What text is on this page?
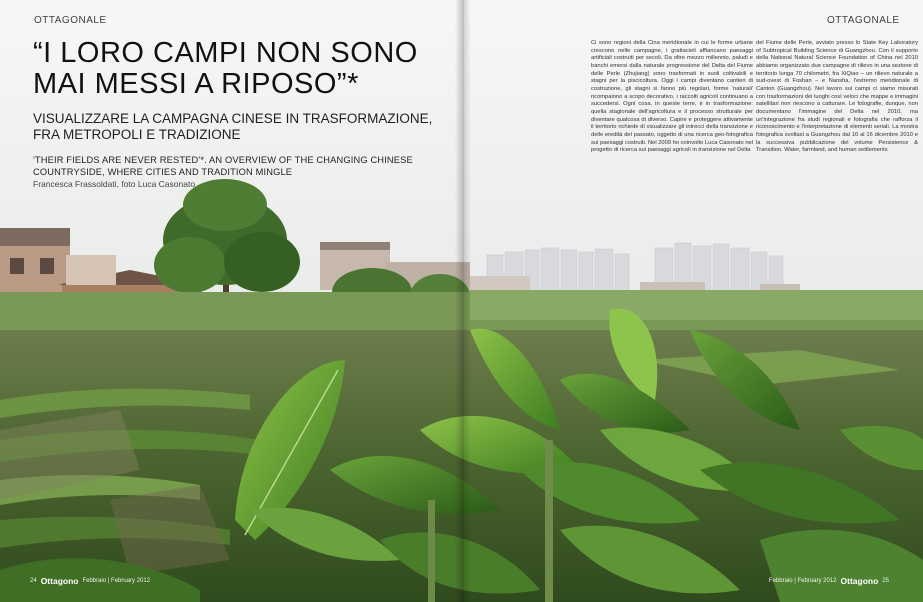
OTTAGONALE
“I LORO CAMPI NON SONO MAI MESSI A RIPOSO”*
VISUALIZZARE LA CAMPAGNA CINESE IN TRASFORMAZIONE, FRA METROPOLI E TRADIZIONE
'THEIR FIELDS ARE NEVER RESTED'*. AN OVERVIEW OF THE CHANGING CHINESE COUNTRYSIDE, WHERE CITIES AND TRADITION MINGLE
Francesca Frassoldati, foto Luca Casonato
OTTAGONALE
Ci sono regioni della Cina meridionale in cui le forme urbane crescono nelle campagne, i grattacieli affiancano paesaggi artificiali costruiti per secoli. Da oltre mezzo millennio, paludi e banchi emersi dalla naturale progressione del Delta del Fiume delle Perle (Zhujiang) sono trasformati in suoli coltivabili e stagni per la piscicoltura. Oggi i campi diventano cantieri di costruzione, gli stagni si fanno più regolari, forme 'naturali' ricompaiono a scopo decorativo, i raccolti agricoli continuano a succedersi. Ogni cosa, in queste terre, è in trasformazione: quella stagionale dell'agricoltura e il processo strutturale per diventare qualcosa di diverso. Capire e proteggere attivamente il territorio richiede di visualizzare gli intrecci della transizione e delle eredità del passato, oggetto di una ricerca geo-fotografica sui paesaggi costruiti. Nel 2009 ho coinvolto Luca Casonato nel progetto di ricerca sui paesaggi agricoli in transizione nel Delta
del Fiume delle Perle, avviato presso lo State Key Laboratory of Subtropical Building Science di Guangzhou. Con il supporto della National Natural Science Foundation of China nel 2010 abbiamo organizzato due campagne di rilievo in una sezione di territorio lunga 70 chilometri, fra XiQiao – un rilievo naturale a sud-ovest di Foshan – e Nansha, l'estremo meridionale di Canton (Guangzhou). Nel lavoro sui campi ci siamo misurati con trasformazioni dei luoghi così veloci che mappe e immagini satellitari non riescono a catturare. Le fotografie, dunque, non documentano l'immagine del Delta nel 2010, ma un'integrazione fra studi regionali e fotografia che rafforza il riconoscimento e l'interpretazione di elementi seriali. La mostra fotografica svoltasi a Guangzhou dal 10 al 16 dicembre 2010 e la successiva pubblicazione del volume Persistence & Transition. Water, farmland, and human settlements
24 Ottagono Febbraio | February 2012	Febbraio | February 2012 Ottagono 25
